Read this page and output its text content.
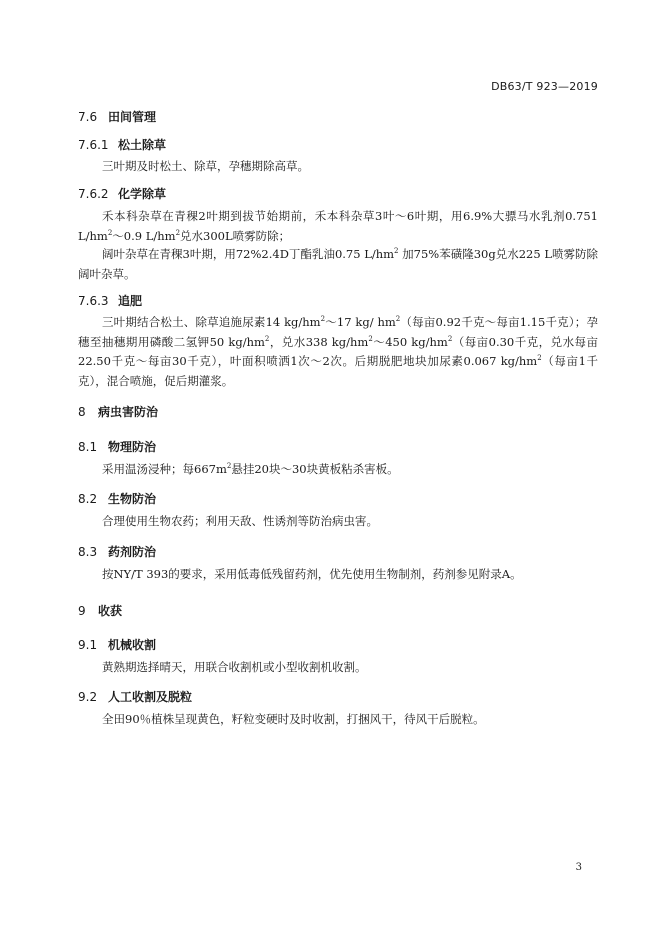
DB63/T 923—2019
7.6 田间管理
7.6.1 松土除草
三叶期及时松土、除草，孕穗期除高草。
7.6.2 化学除草
禾本科杂草在青稞2叶期到拔节始期前，禾本科杂草3叶～6叶期，用6.9%大骠马水乳剂0.751 $L/hm^2\sim 0.9$ $L/hm^2$兑水300L喷雾防除；
阔叶杂草在青稞3叶期，用72%2.4D丁酯乳油0.75 $L/hm^2$ 加75%苯磺隆30g兑水225 L喷雾防除阔叶杂草。
7.6.3 追肥
三叶期结合松土、除草追施尿素14 $kg/hm^2\sim 17$ kg/ $hm^2$（每亩0.92千克～每亩1.15千克）；孕穗至抽穗期用磷酸二氢钾50 $kg/hm^2$，兑水338 $kg/hm^2\sim 450$ $kg/hm^2$（每亩0.30千克，兑水每亩22.50千克～每亩30千克），叶面积喷洒1次～2次。后期脱肥地块加尿素0.067 $kg/hm^2$（每亩1千克），混合喷施，促后期灌浆。
8 病虫害防治
8.1 物理防治
采用温汤浸种；每$667m^2$悬挂20块～30块黄板粘杀害板。
8.2 生物防治
合理使用生物农药；利用天敌、性诱剂等防治病虫害。
8.3 药剂防治
按NY/T 393的要求，采用低毒低残留药剂，优先使用生物制剂，药剂参见附录A。
9 收获
9.1 机械收割
黄熟期选择晴天，用联合收割机或小型收割机收割。
9.2 人工收割及脱粒
全田90％植株呈现黄色，籽粒变硬时及时收割，打捆风干，待风干后脱粒。
3
